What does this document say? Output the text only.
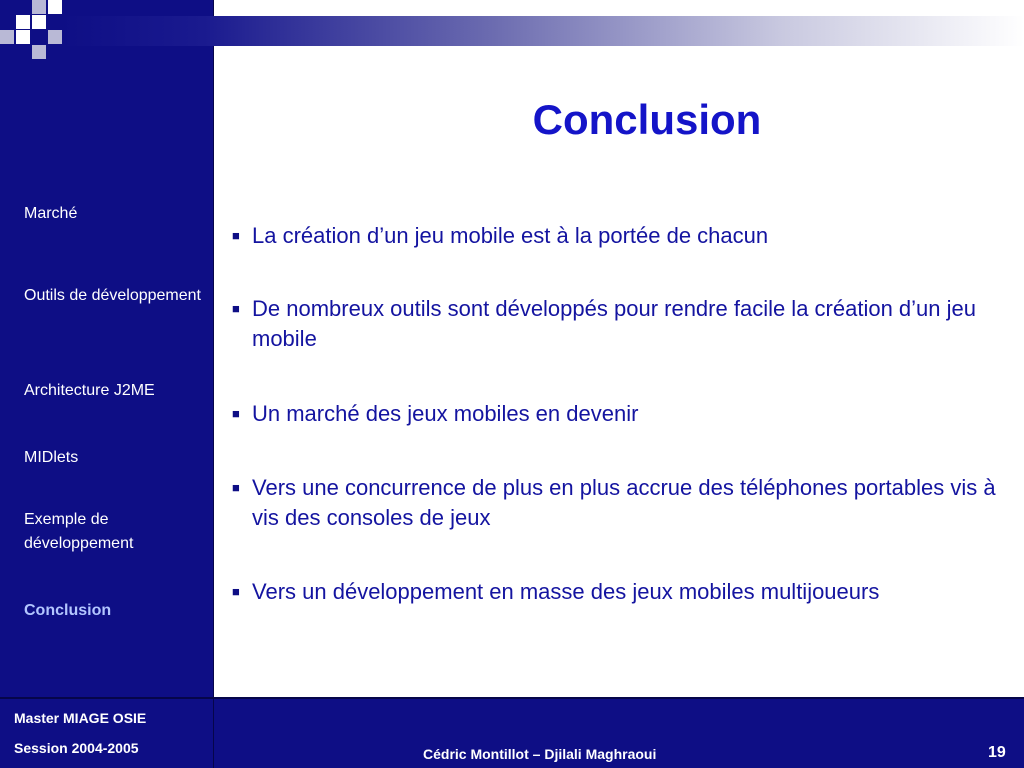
Marché
Outils de développement
Architecture J2ME
MIDlets
Exemple de développement
Conclusion
Conclusion
■ La création d’un jeu mobile est à la portée de chacun
■ De nombreux outils sont développés pour rendre facile la création d’un jeu mobile
■ Un marché des jeux mobiles en devenir
■ Vers une concurrence de plus en plus accrue des téléphones portables vis à vis des consoles de jeux
■ Vers un développement en masse des jeux mobiles multijoueurs
Master MIAGE OSIE
Session 2004-2005	Cédric Montillot – Djilali Maghraoui	19
